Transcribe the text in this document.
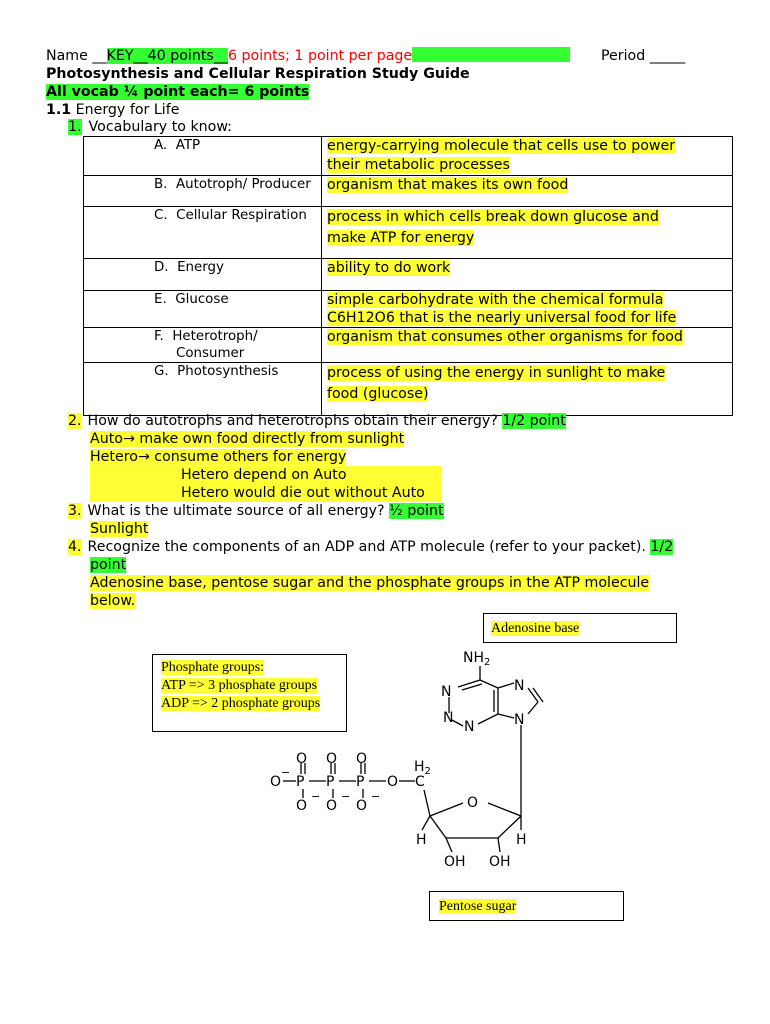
Name __KEY__40 points__6 points; 1 point per page	Period _____
Photosynthesis and Cellular Respiration Study Guide
All vocab ¼ point each= 6 points
1.1 Energy for Life
1. Vocabulary to know:
A.  ATP	energy-carrying molecule that cells use to power
their metabolic processes

B.  Autotroph/ Producer	organism that makes its own food

C.  Cellular Respiration	process in which cells break down glucose and
make ATP for energy

D.  Energy	ability to do work

E.  Glucose	simple carbohydrate with the chemical formula
C6H12O6 that is the nearly universal food for life

F.  Heterotroph/
Consumer	organism that consumes other organisms for food

G.  Photosynthesis	process of using the energy in sunlight to make
food (glucose)
2. How do autotrophs and heterotrophs obtain their energy? 1/2 point
Auto→ make own food directly from sunlight
Hetero→ consume others for energy
Hetero depend on Auto
Hetero would die out without Auto
3. What is the ultimate source of all energy? ½ point
Sunlight
4. Recognize the components of an ADP and ATP molecule (refer to your packet). 1/2
point
Adenosine base, pentose sugar and the phosphate groups in the ATP molecule
below.
Adenosine base
Phosphate groups:
ATP => 3 phosphate groups
ADP => 2 phosphate groups
Pentose sugar
$NH_2$
N
N
N
N
N
O
O
O O O
O O O
O
P P P
−
− − −
C
$H_2$
H	H
OH OH
